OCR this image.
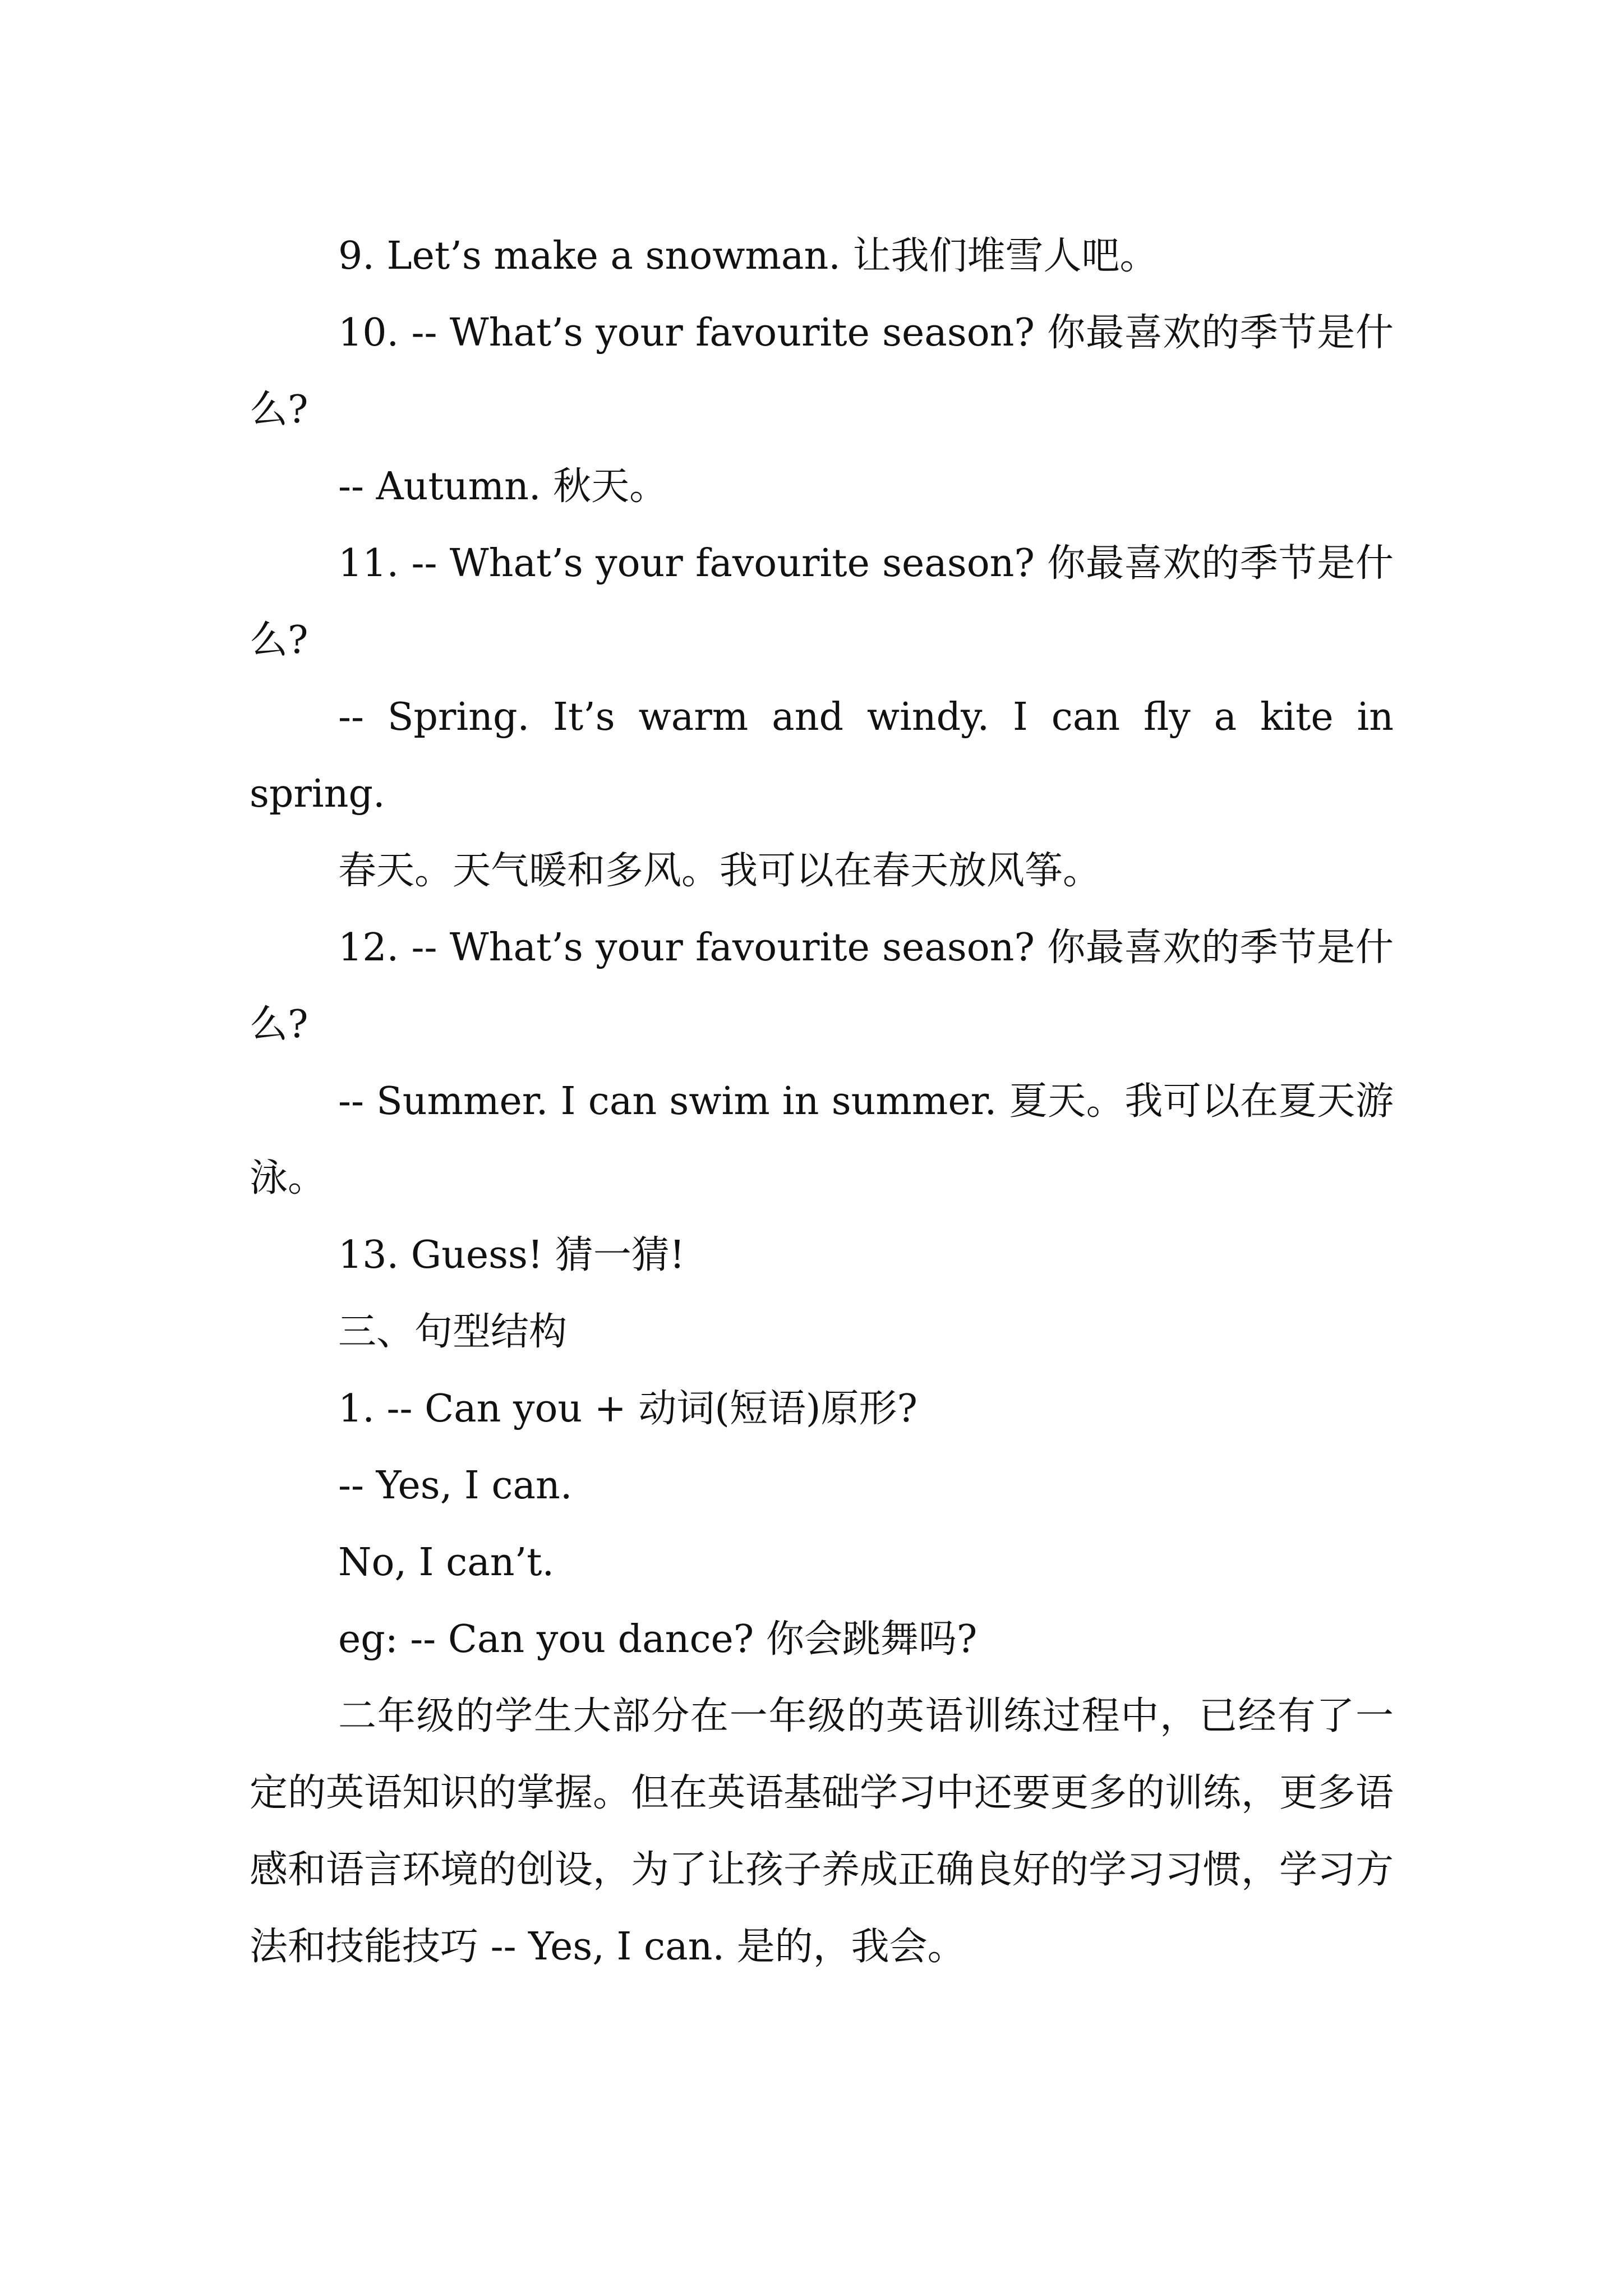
9. Let’s make a snowman. 让我们堆雪人吧。

10. -- What’s your favourite season? 你最喜欢的季节是什么?

-- Autumn. 秋天。

11. -- What’s your favourite season? 你最喜欢的季节是什么?

-- Spring. It’s warm and windy. I can fly a kite in spring.

春天。天气暖和多风。我可以在春天放风筝。

12. -- What’s your favourite season? 你最喜欢的季节是什么?

-- Summer. I can swim in summer. 夏天。我可以在夏天游泳。

13. Guess! 猜一猜!

三、句型结构

1. -- Can you + 动词(短语)原形?

-- Yes, I can.

No, I can’t.

eg: -- Can you dance? 你会跳舞吗?

二年级的学生大部分在一年级的英语训练过程中，已经有了一定的英语知识的掌握。但在英语基础学习中还要更多的训练，更多语感和语言环境的创设，为了让孩子养成正确良好的学习习惯，学习方法和技能技巧 -- Yes, I can. 是的，我会。
